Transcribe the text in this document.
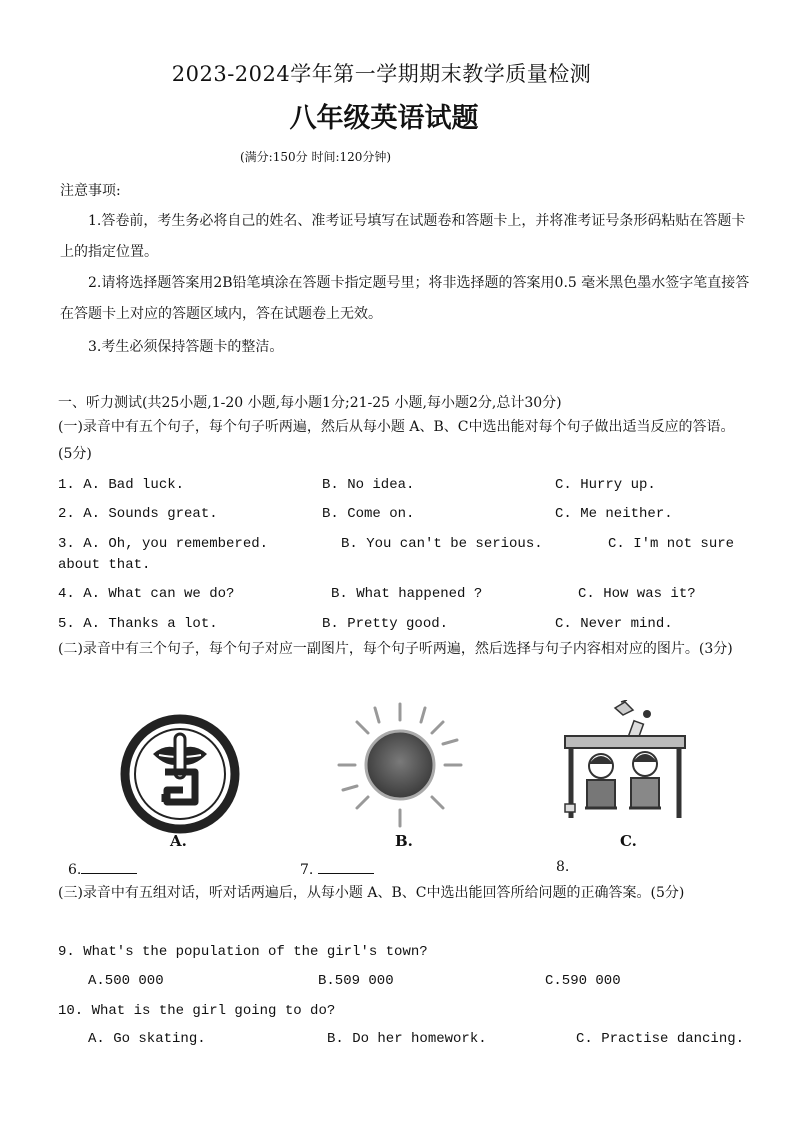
2023-2024学年第一学期期末教学质量检测
八年级英语试题
(满分:150分 时间:120分钟)
注意事项:
1.答卷前，考生务必将自己的姓名、准考证号填写在试题卷和答题卡上，并将准考证号条形码粘贴在答题卡上的指定位置。
2.请将选择题答案用2B铅笔填涂在答题卡指定题号里；将非选择题的答案用0.5 毫米黑色墨水签字笔直接答在答题卡上对应的答题区域内，答在试题卷上无效。
3.考生必须保持答题卡的整洁。
一、听力测试(共25小题,1-20 小题,每小题1分;21-25 小题,每小题2分,总计30分)
(一)录音中有五个句子，每个句子听两遍，然后从每小题 A、B、C中选出能对每个句子做出适当反应的答语。(5分)
1. A. Bad luck.	B. No idea.	C. Hurry up.
2. A. Sounds great.	B. Come on.	C. Me neither.
3. A. Oh, you remembered.	B. You can't be serious.	C. I'm not sure
about that.
4. A. What can we do?	B. What happened ?	C. How was it?
5. A. Thanks a lot.	B. Pretty good.	C. Never mind.
(二)录音中有三个句子，每个句子对应一副图片，每个句子听两遍，然后选择与句子内容相对应的图片。(3分)
A.	B.	C.
6.	7.	8.
(三)录音中有五组对话，听对话两遍后，从每小题 A、B、C中选出能回答所给问题的正确答案。(5分)
9. What's the population of the girl's town?
A.500 000	B.509 000	C.590 000
10. What is the girl going to do?
A. Go skating.	B. Do her homework.	C. Practise dancing.
